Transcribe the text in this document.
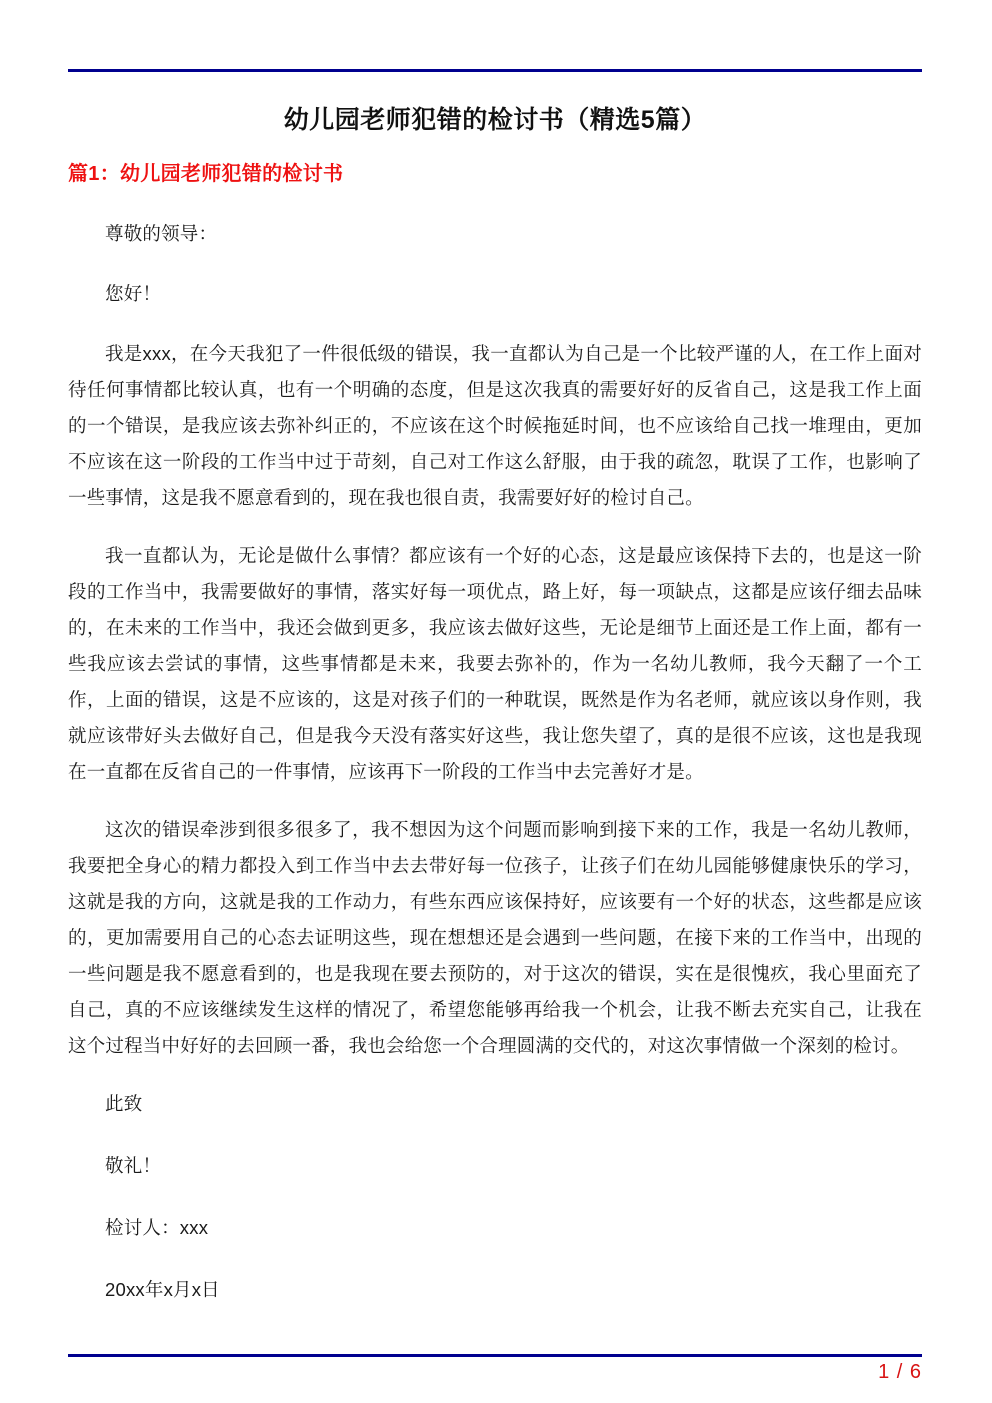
幼儿园老师犯错的检讨书（精选5篇）
篇1：幼儿园老师犯错的检讨书

尊敬的领导：

您好！

我是xxx，在今天我犯了一件很低级的错误，我一直都认为自己是一个比较严谨的人，在工作上面对待任何事情都比较认真，也有一个明确的态度，但是这次我真的需要好好的反省自己，这是我工作上面的一个错误，是我应该去弥补纠正的，不应该在这个时候拖延时间，也不应该给自己找一堆理由，更加不应该在这一阶段的工作当中过于苛刻，自己对工作这么舒服，由于我的疏忽，耽误了工作，也影响了一些事情，这是我不愿意看到的，现在我也很自责，我需要好好的检讨自己。

我一直都认为，无论是做什么事情？都应该有一个好的心态，这是最应该保持下去的，也是这一阶段的工作当中，我需要做好的事情，落实好每一项优点，路上好，每一项缺点，这都是应该仔细去品味的，在未来的工作当中，我还会做到更多，我应该去做好这些，无论是细节上面还是工作上面，都有一些我应该去尝试的事情，这些事情都是未来，我要去弥补的，作为一名幼儿教师，我今天翻了一个工作，上面的错误，这是不应该的，这是对孩子们的一种耽误，既然是作为名老师，就应该以身作则，我就应该带好头去做好自己，但是我今天没有落实好这些，我让您失望了，真的是很不应该，这也是我现在一直都在反省自己的一件事情，应该再下一阶段的工作当中去完善好才是。

这次的错误牵涉到很多很多了，我不想因为这个问题而影响到接下来的工作，我是一名幼儿教师，我要把全身心的精力都投入到工作当中去去带好每一位孩子，让孩子们在幼儿园能够健康快乐的学习，这就是我的方向，这就是我的工作动力，有些东西应该保持好，应该要有一个好的状态，这些都是应该的，更加需要用自己的心态去证明这些，现在想想还是会遇到一些问题，在接下来的工作当中，出现的一些问题是我不愿意看到的，也是我现在要去预防的，对于这次的错误，实在是很愧疚，我心里面充了自己，真的不应该继续发生这样的情况了，希望您能够再给我一个机会，让我不断去充实自己，让我在这个过程当中好好的去回顾一番，我也会给您一个合理圆满的交代的，对这次事情做一个深刻的检讨。

此致

敬礼！

检讨人：xxx

20xx年x月x日

1 / 6
